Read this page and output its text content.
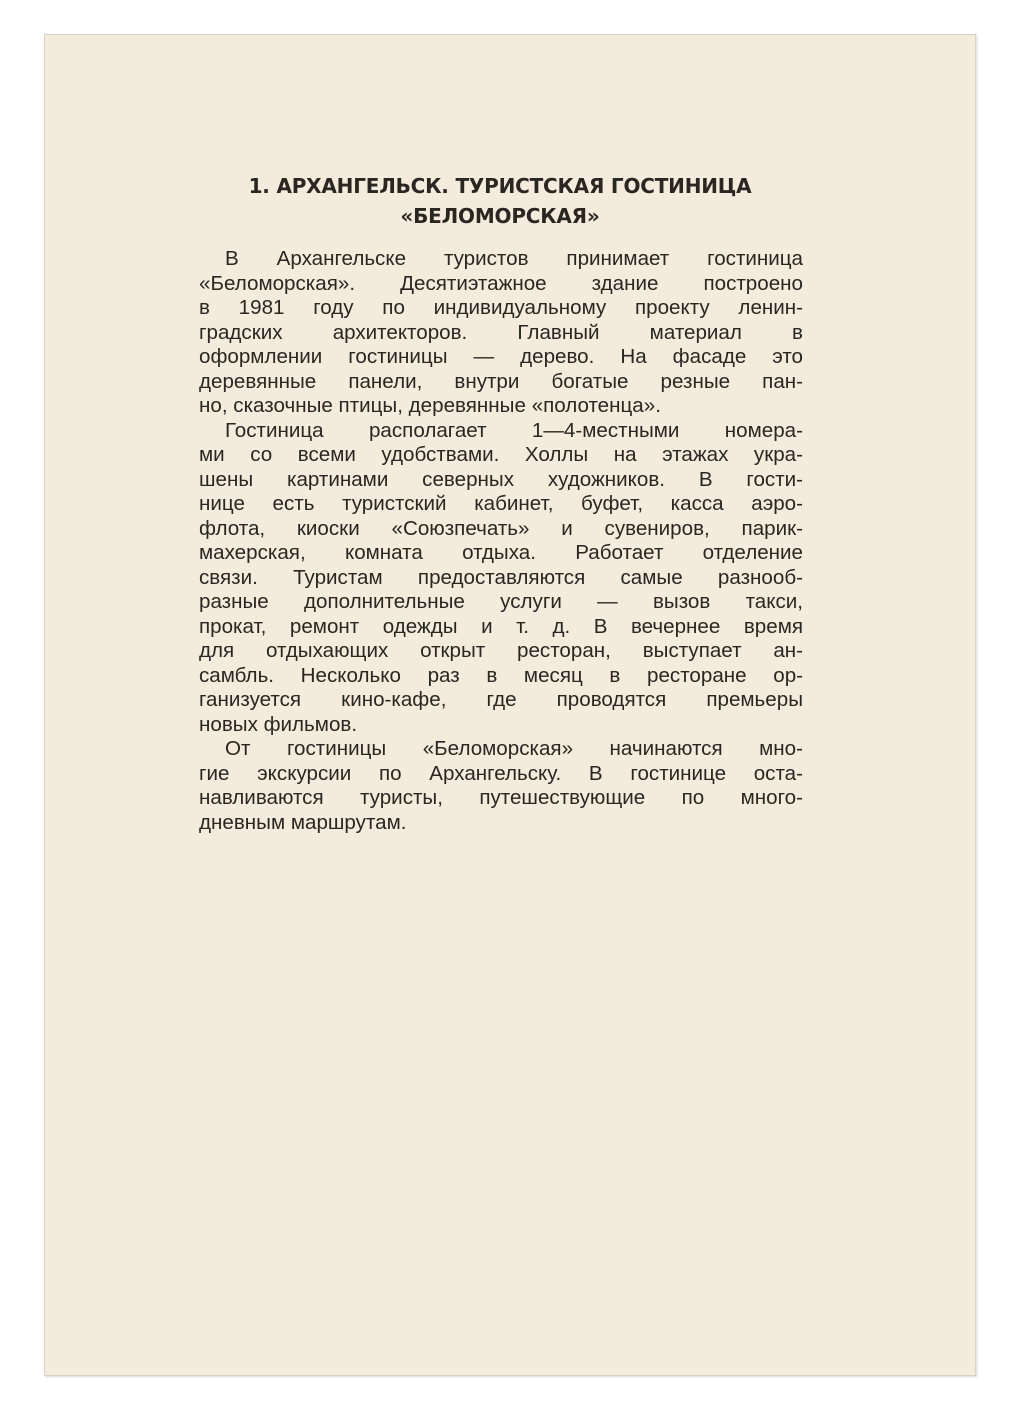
1. АРХАНГЕЛЬСК. ТУРИСТСКАЯ ГОСТИНИЦА
«БЕЛОМОРСКАЯ»
В Архангельске туристов принимает гостиница
«Беломорская». Десятиэтажное здание построено
в 1981 году по индивидуальному проекту ленин-
градских архитекторов. Главный материал в
оформлении гостиницы — дерево. На фасаде это
деревянные панели, внутри богатые резные пан-
но, сказочные птицы, деревянные «полотенца».
Гостиница располагает 1—4-местными номера-
ми со всеми удобствами. Холлы на этажах укра-
шены картинами северных художников. В гости-
нице есть туристский кабинет, буфет, касса аэро-
флота, киоски «Союзпечать» и сувениров, парик-
махерская, комната отдыха. Работает отделение
связи. Туристам предоставляются самые разнооб-
разные дополнительные услуги — вызов такси,
прокат, ремонт одежды и т. д. В вечернее время
для отдыхающих открыт ресторан, выступает ан-
самбль. Несколько раз в месяц в ресторане ор-
ганизуется кино-кафе, где проводятся премьеры
новых фильмов.
От гостиницы «Беломорская» начинаются мно-
гие экскурсии по Архангельску. В гостинице оста-
навливаются туристы, путешествующие по много-
дневным маршрутам.
